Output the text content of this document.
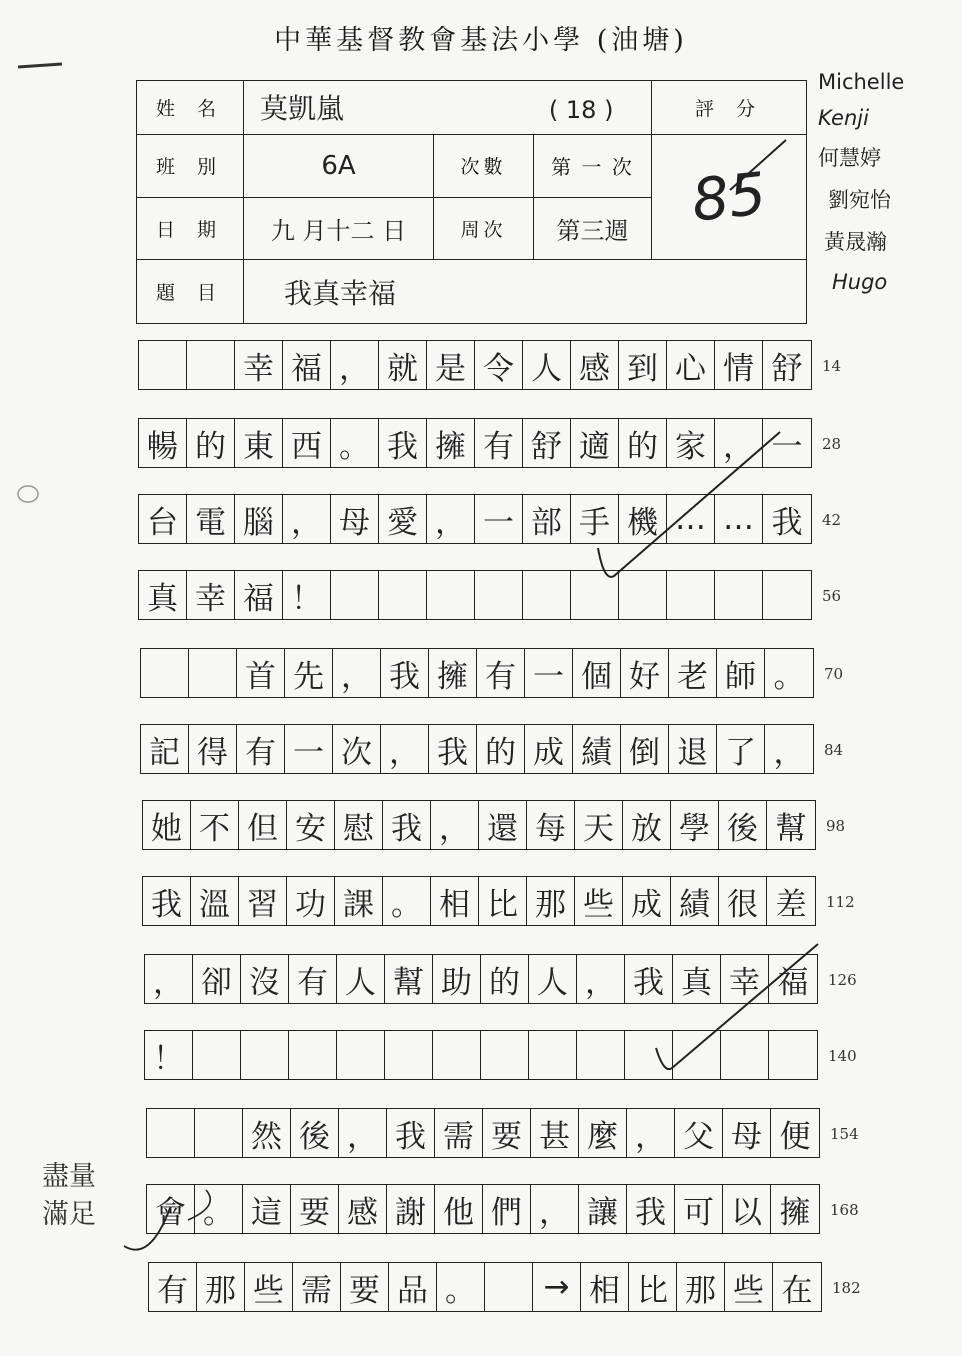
中華基督教會基法小學 (油塘)
姓 名	莫凱嵐 ( 18 )			評 分
班 別	6A	次數	第 一 次	85
日 期	九 月十二 日	周次	第三週	
題 目	我真幸福			
Michelle
Kenji
何慧婷
劉宛怡
黃晟瀚
Hugo
幸 福 ， 就 是 令 人 感 到 心 情 舒	14
暢 的 東 西 。 我 擁 有 舒 適 的 家 ， 一	28
台 電 腦 ， 母 愛 ， 一 部 手 機 … … 我	42
真 幸 福 ！	56
首 先 ， 我 擁 有 一 個 好 老 師 。	70
記 得 有 一 次 ， 我 的 成 績 倒 退 了 ，	84
她 不 但 安 慰 我 ， 還 每 天 放 學 後 幫	98
我 溫 習 功 課 。 相 比 那 些 成 績 很 差	112
， 卻 沒 有 人 幫 助 的 人 ， 我 真 幸 福	126
！	140
然 後 ， 我 需 要 甚 麼 ， 父 母 便	154
會 。 這 要 感 謝 他 們 ， 讓 我 可 以 擁	168
有 那 些 需 要 品 。	→ 相 比 那 些 在	182
盡量滿足
